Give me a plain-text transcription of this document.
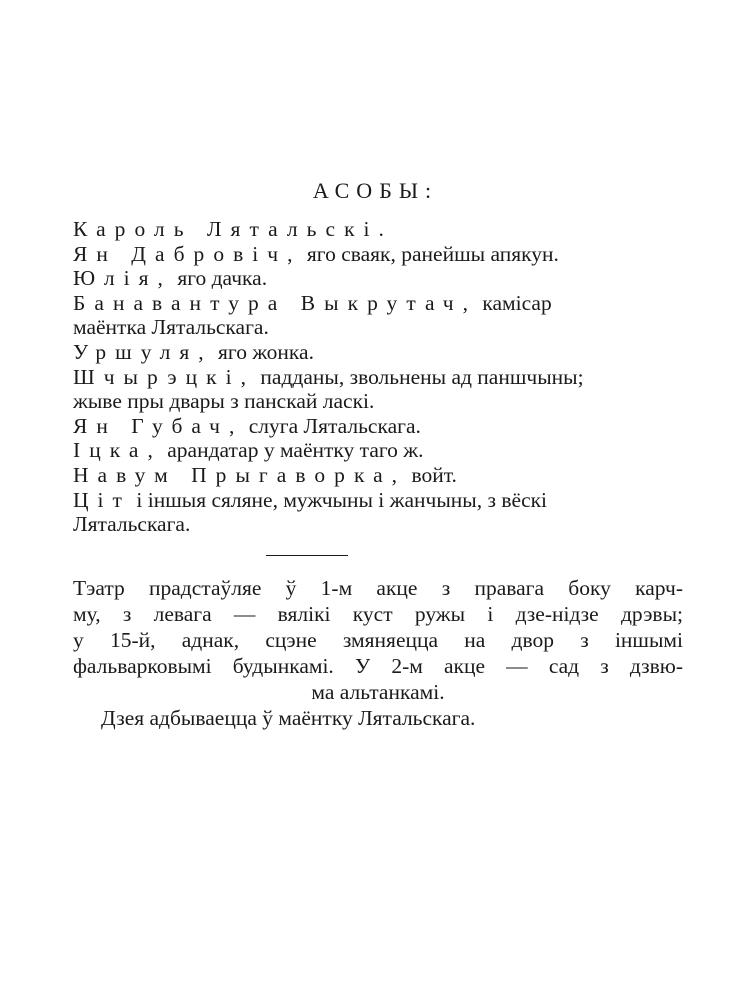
АСОБЫ:
Кароль Лятальскі.
Ян Дабровіч, яго сваяк, ранейшы апякун.
Юлія, яго дачка.
Банавантура Выкрутач, камісар
маёнтка Лятальскага.
Уршуля, яго жонка.
Шчырэцкі, падданы, звольнены ад паншчыны;
жыве пры двары з панскай ласкі.
Ян Губач, слуга Лятальскага.
Іцка, арандатар у маёнтку таго ж.
Навум Прыгаворка, войт.
Ціт і іншыя сяляне, мужчыны і жанчыны, з вёскі
Лятальскага.
Тэатр прадстаўляе ў 1-м акце з правага боку карч-
му, з левага — вялікі куст ружы і дзе-нідзе дрэвы;
у 15-й, аднак, сцэне змяняецца на двор з іншымі
фальварковымі будынкамі. У 2-м акце — сад з дзвю-
ма альтанкамі.
Дзея адбываецца ў маёнтку Лятальскага.
